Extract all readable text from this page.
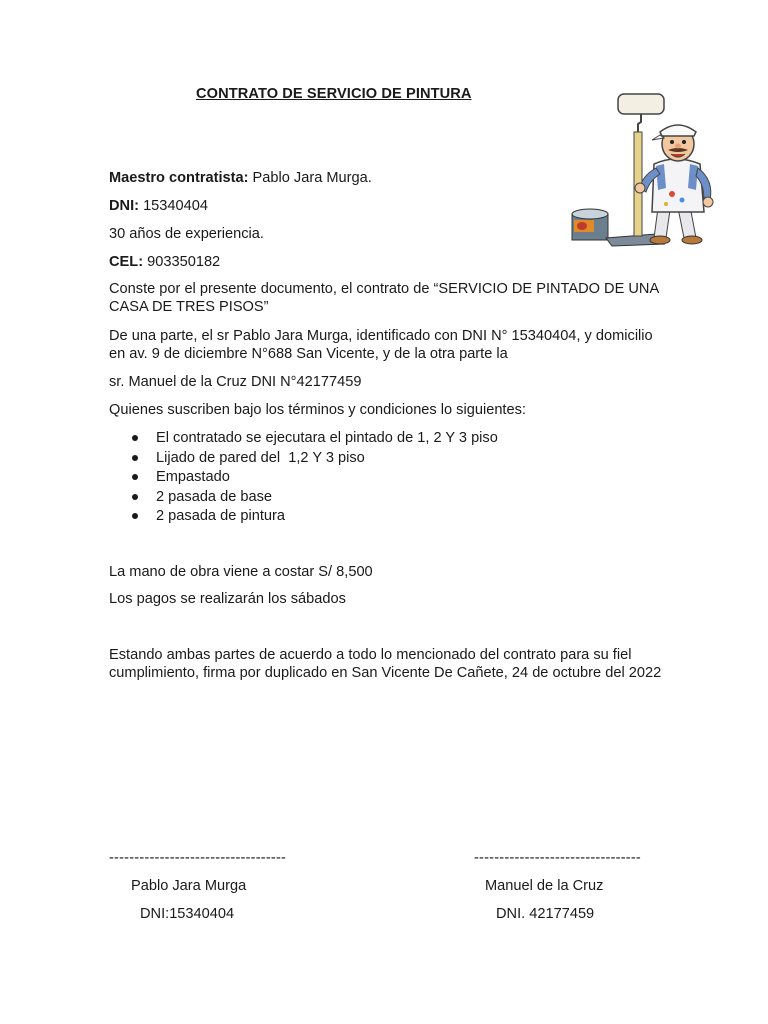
CONTRATO DE SERVICIO DE PINTURA

Maestro contratista: Pablo Jara Murga.

DNI: 15340404

30 años de experiencia.

CEL: 903350182

Conste por el presente documento, el contrato de “SERVICIO DE PINTADO DE UNA CASA DE TRES PISOS”

De una parte, el sr Pablo Jara Murga, identificado con DNI N° 15340404, y domicilio en av. 9 de diciembre N°688 San Vicente, y de la otra parte la

sr. Manuel de la Cruz DNI N°42177459

Quienes suscriben bajo los términos y condiciones lo siguientes:

El contratado se ejecutara el pintado de 1, 2 Y 3 piso
Lijado de pared del  1,2 Y 3 piso
Empastado
2 pasada de base
2 pasada de pintura

La mano de obra viene a costar S/ 8,500

Los pagos se realizarán los sábados

Estando ambas partes de acuerdo a todo lo mencionado del contrato para su fiel cumplimiento, firma por duplicado en San Vicente De Cañete, 24 de octubre del 2022

-----------------------------------

Pablo Jara Murga

DNI:15340404

---------------------------------

Manuel de la Cruz

DNI. 42177459
